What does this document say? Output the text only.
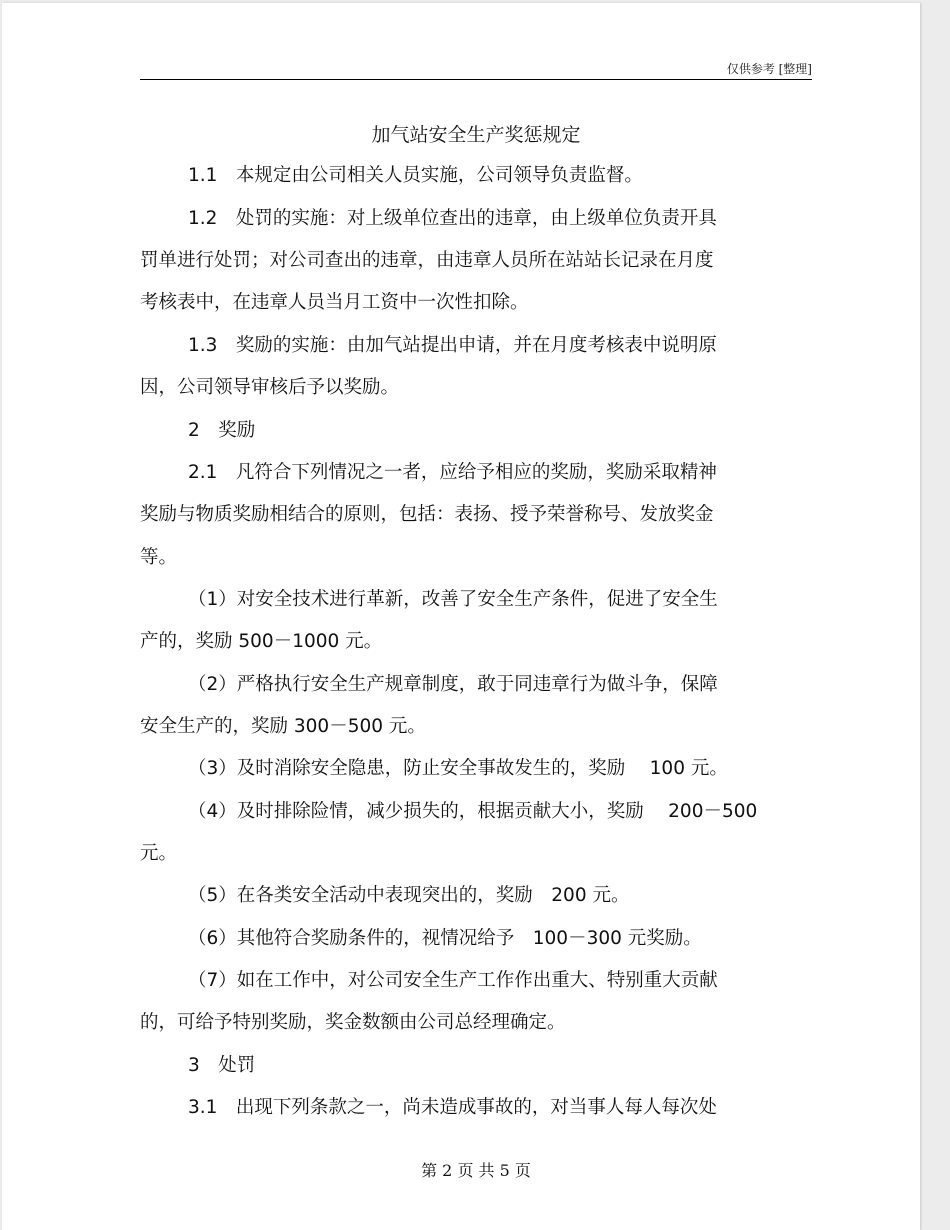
仅供参考 [整理]
加气站安全生产奖惩规定
1.1　本规定由公司相关人员实施，公司领导负责监督。
1.2　处罚的实施：对上级单位查出的违章，由上级单位负责开具
罚单进行处罚；对公司查出的违章，由违章人员所在站站长记录在月度
考核表中，在违章人员当月工资中一次性扣除。
1.3　奖励的实施：由加气站提出申请，并在月度考核表中说明原
因，公司领导审核后予以奖励。
2　奖励
2.1　凡符合下列情况之一者，应给予相应的奖励，奖励采取精神
奖励与物质奖励相结合的原则，包括：表扬、授予荣誉称号、发放奖金
等。
（1）对安全技术进行革新，改善了安全生产条件，促进了安全生
产的，奖励 500－1000 元。
（2）严格执行安全生产规章制度，敢于同违章行为做斗争，保障
安全生产的，奖励 300－500 元。
（3）及时消除安全隐患，防止安全事故发生的，奖励　 100 元。
（4）及时排除险情，减少损失的，根据贡献大小，奖励　 200－500
元。
（5）在各类安全活动中表现突出的，奖励　200 元。
（6）其他符合奖励条件的，视情况给予　100－300 元奖励。
（7）如在工作中，对公司安全生产工作作出重大、特别重大贡献
的，可给予特别奖励，奖金数额由公司总经理确定。
3　处罚
3.1　出现下列条款之一，尚未造成事故的，对当事人每人每次处
第 2 页 共 5 页
